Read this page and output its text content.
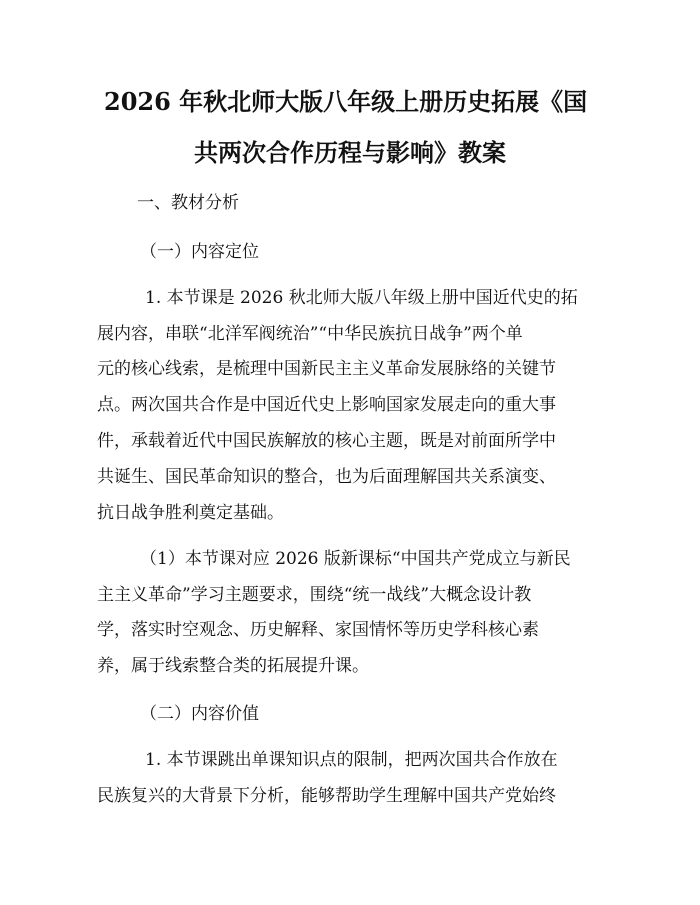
2026 年秋北师大版八年级上册历史拓展《国
共两次合作历程与影响》教案
一、教材分析
（一）内容定位
1. 本节课是 2026 秋北师大版八年级上册中国近代史的拓
展内容，串联“北洋军阀统治”“中华民族抗日战争”两个单
元的核心线索，是梳理中国新民主主义革命发展脉络的关键节
点。两次国共合作是中国近代史上影响国家发展走向的重大事
件，承载着近代中国民族解放的核心主题，既是对前面所学中
共诞生、国民革命知识的整合，也为后面理解国共关系演变、
抗日战争胜利奠定基础。
（1）本节课对应 2026 版新课标“中国共产党成立与新民
主主义革命”学习主题要求，围绕“统一战线”大概念设计教
学，落实时空观念、历史解释、家国情怀等历史学科核心素
养，属于线索整合类的拓展提升课。
（二）内容价值
1. 本节课跳出单课知识点的限制，把两次国共合作放在
民族复兴的大背景下分析，能够帮助学生理解中国共产党始终
